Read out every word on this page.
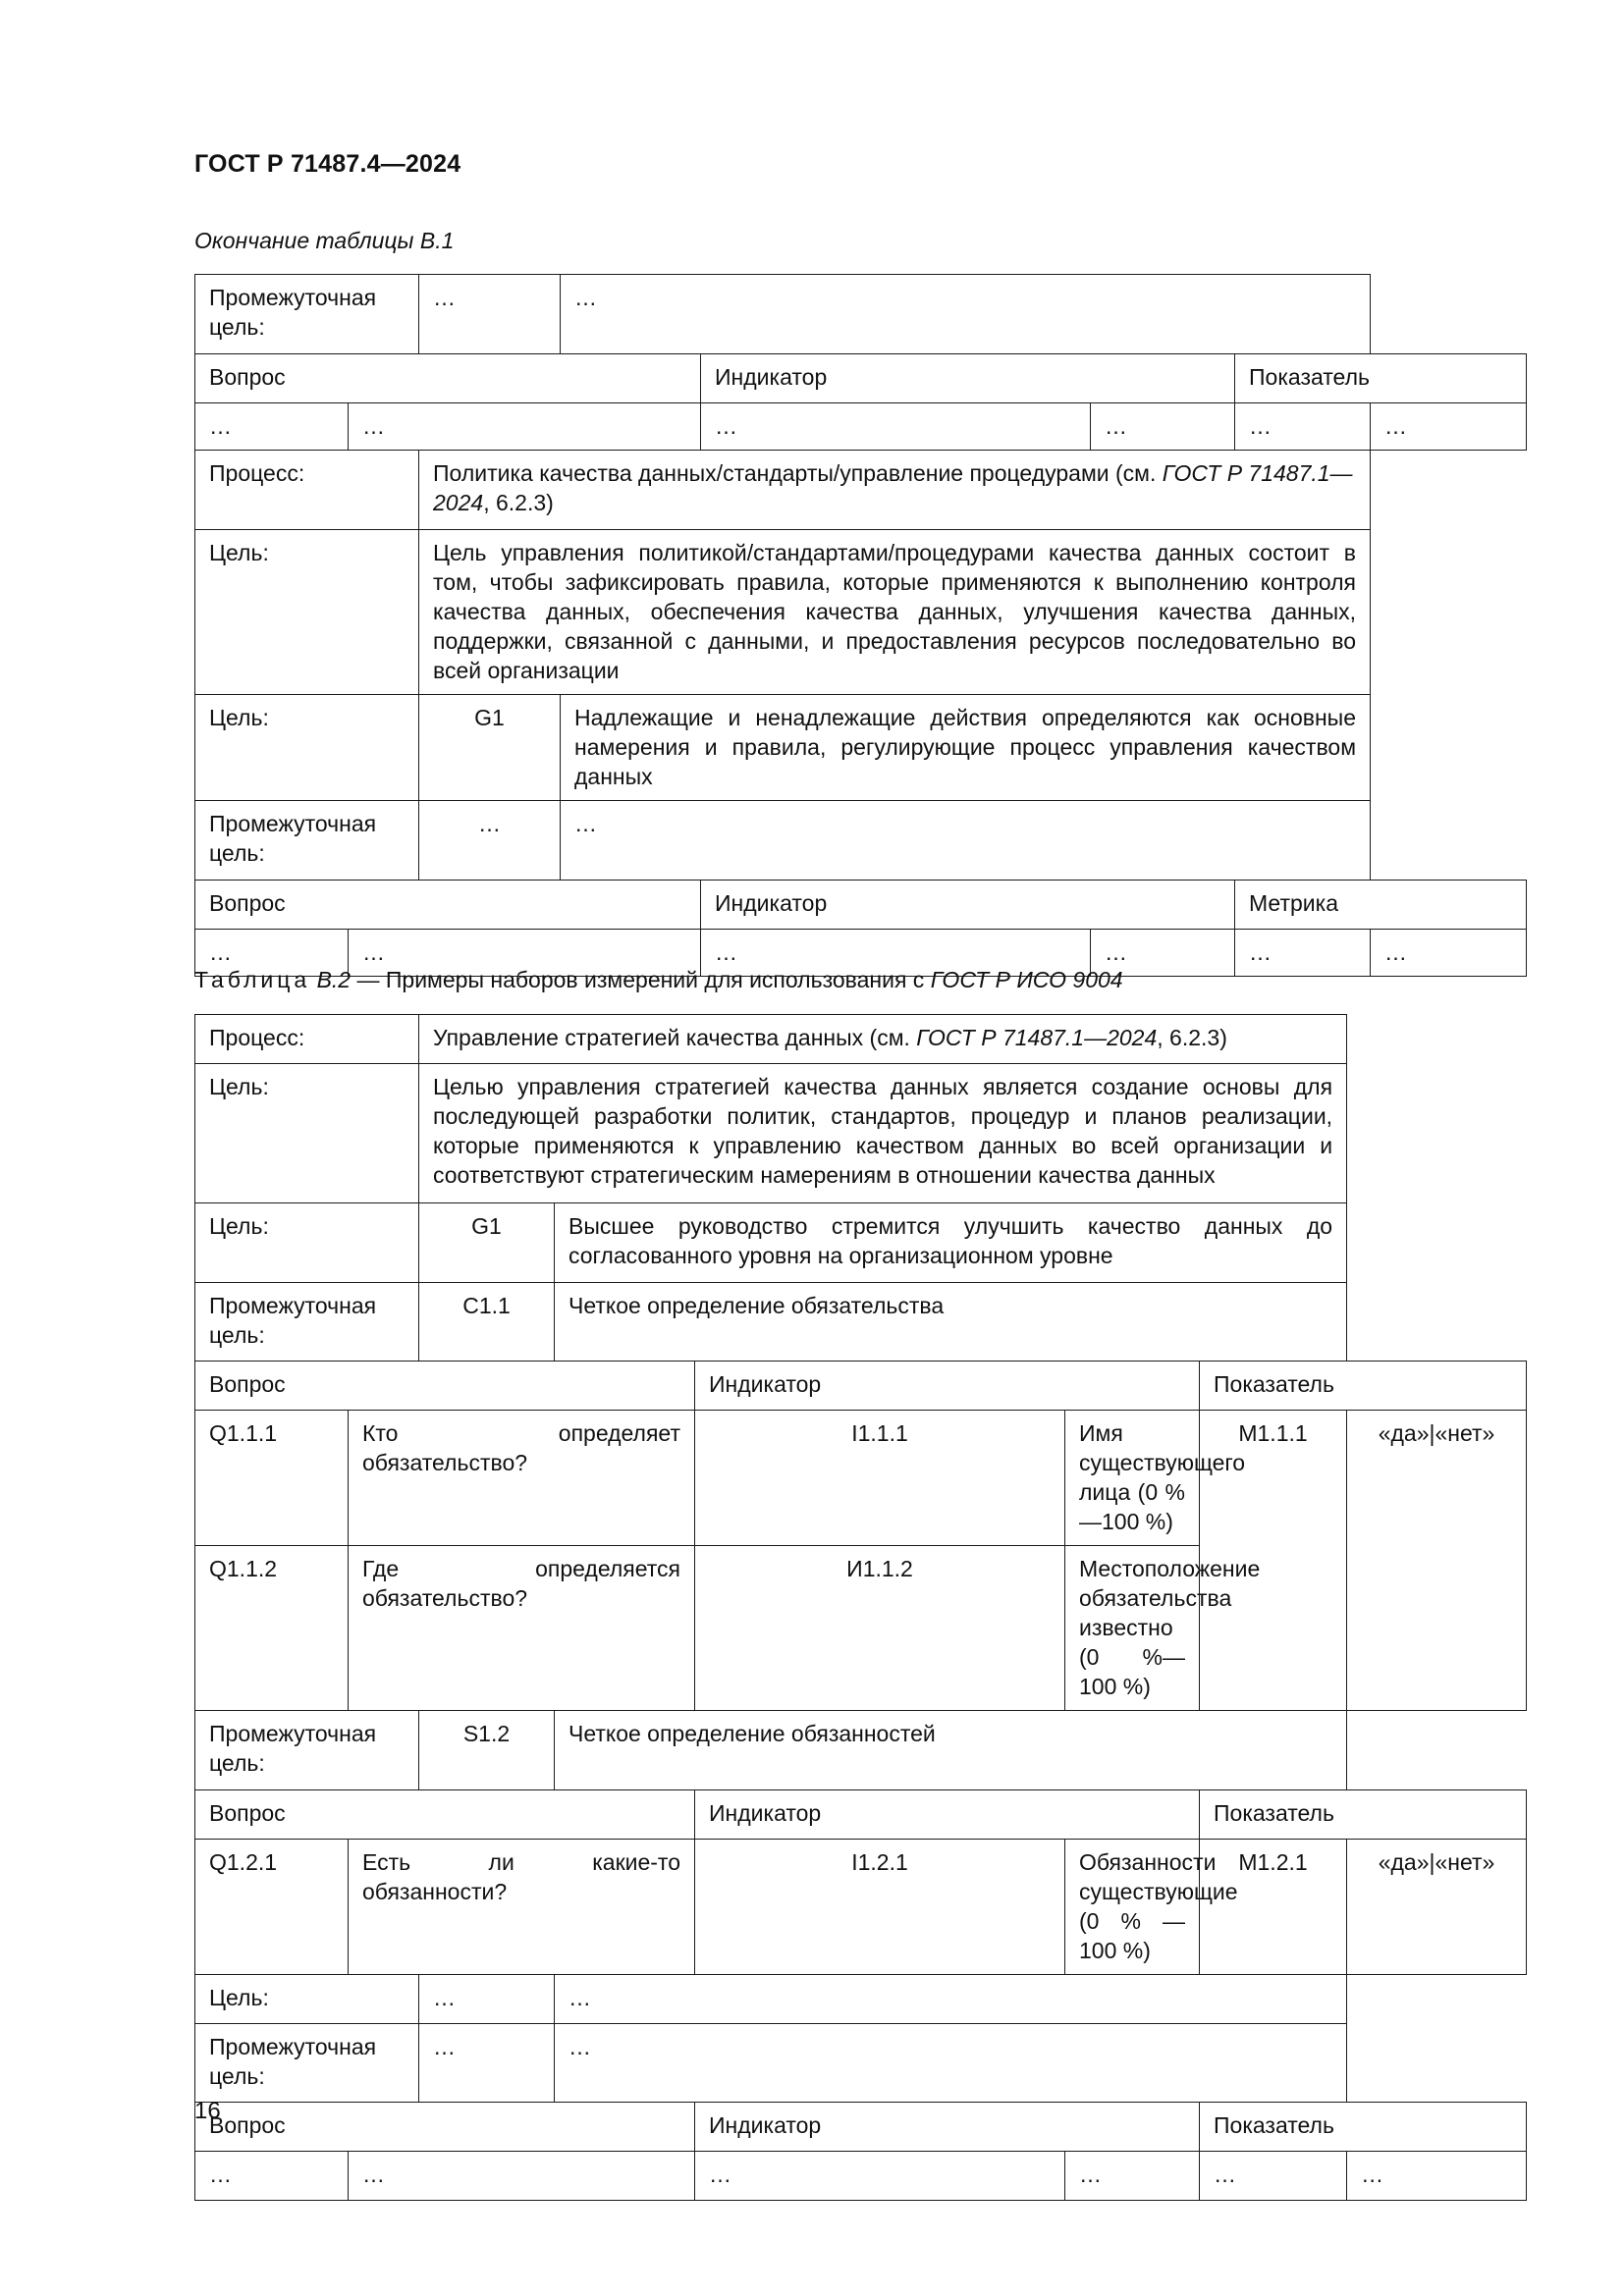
ГОСТ Р 71487.4—2024
Окончание таблицы В.1
Промежуточная цель:		…	…				
Вопрос				Индикатор		Показатель	
…	…			…	…	…	…
Процесс:		Политика качества данных/стандарты/управление процедурами (см. ГОСТ Р 71487.1—2024, 6.2.3)					
Цель:		Цель управления политикой/стандартами/процедурами качества данных состоит в том, чтобы зафиксировать правила, которые применяются к выполнению контроля качества данных, обеспечения качества данных, улучшения качества данных, поддержки, связанной с данными, и предоставления ресурсов последовательно во всей организации					
Цель:		G1	Надлежащие и ненадлежащие действия определяются как основные намерения и правила, регулирующие процесс управления качеством данных				
Промежуточная цель:		…	…				
Вопрос				Индикатор		Метрика	
…	…			…	…	…	…
Таблица В.2 — Примеры наборов измерений для использования с ГОСТ Р ИСО 9004
Процесс:		Управление стратегией качества данных (см. ГОСТ Р 71487.1—2024, 6.2.3)					
Цель:		Целью управления стратегией качества данных является создание основы для последующей разработки политик, стандартов, процедур и планов реализации, которые применяются к управлению качеством данных во всей организации и соответствуют стратегическим намерениям в отношении качества данных					
Цель:		G1	Высшее руководство стремится улучшить качество данных до согласованного уровня на организационном уровне				
Промежуточная цель:		C1.1	Четкое определение обязательства				
Вопрос				Индикатор		Показатель	
Q1.1.1	Кто определяет обязательство?			I1.1.1	Имя существующего лица (0 %—100 %)	M1.1.1	«да»|«нет»
Q1.1.2	Где определяется обязательство?			И1.1.2	Местоположение обязательства известно (0 %—100 %)		
Промежуточная цель:		S1.2	Четкое определение обязанностей				
Вопрос				Индикатор		Показатель	
Q1.2.1	Есть ли какие-то обязанности?			I1.2.1	Обязанности существующие (0 % — 100 %)	M1.2.1	«да»|«нет»
Цель:		…	…				
Промежуточная цель:		…	…				
Вопрос				Индикатор		Показатель	
…	…			…	…	…	…
16
